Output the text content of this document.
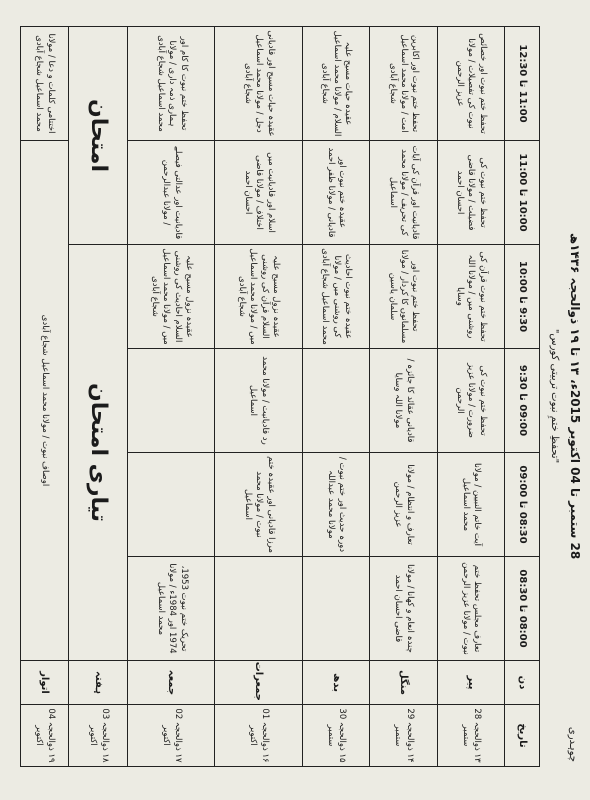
28 ستمبر تا 04 اکتوبر 2015ء، ۱۳ تا ۱۹ ذوالحجہ ۱۴۳۶ھ
"تحفظِ ختمِ نبوت تربیتی کورس"
چوہدری
تاریخ	دن	08:00 تا 08:30	08:30 تا 09:00	09:00 تا 9:30	9:30 تا 10:00	10:00 تا 11:00	11:00 تا 12:30
۱۳ ذوالحجہ 28 ستمبر	پیر	تعارف مجلس تحفظ ختم نبوت / مولانا عزیز الرحمن	آیت خاتم النبیین / مولانا محمد اسماعیل	تحفظ ختم نبوت کی ضرورت / مولانا عزیز الرحمن	تحفظ ختم نبوت قرآن کی روشنی میں / مولانا اللہ وسایا	تحفظ ختم نبوت کی فضیلت / مولانا قاضی احسان احمد	تحفظ ختم نبوت اور خصائص نبوت کی تفصیلات / مولانا عزیز الرحمن
۱۴ ذوالحجہ 29 ستمبر	منگل	چندہ انعام و کھانا / مولانا قاضی احسان احمد	تعارف و انتظام / مولانا عزیز الرحمن	قادیانی عقائد کا جائزہ / مولانا اللہ وسایا	تحفظ ختم نبوت اور مسلمانوں کا کردار / مولانا سلمان یاسین	قادیانیت اور قرآن کی آیات کی تحریف / مولانا محمد اسماعیل	تحفظ ختم نبوت اور اکابرین امت / مولانا محمد اسماعیل شجاع آبادی
۱۵ ذوالحجہ 30 ستمبر	بدھ		دورہ حدیث اور ختم نبوت / مولانا محمد عبداللہ		عقیدہ ختم نبوت احادیث کی روشنی میں / مولانا محمد اسماعیل شجاع آبادی	عقیدہ ختم نبوت اور قادیانی / مولانا ظفر احمد	عقیدہ حیات مسیح علیہ السلام / مولانا محمد اسماعیل شجاع آبادی
۱۶ ذوالحجہ 01 اکتوبر	جمعرات		مرزا قادیانی اور عقیدہ ختم نبوت / مولانا محمد اسماعیل	رد قادیانیت / مولانا محمد اسماعیل	عقیدہ نزول مسیح علیہ السلام قرآن کی روشنی میں / مولانا محمد اسماعیل شجاع آبادی	اسلام اور قادیانیت میں اختلاف / مولانا قاضی احسان احمد	عقیدہ حیات مسیح اور قادیانی دجل / مولانا محمد اسماعیل شجاع آبادی
۱۷ ذوالحجہ 02 اکتوبر	جمعہ	تحریک ختم نبوت 1953، 1974 اور 1984ء / مولانا محمد اسماعیل			عقیدہ نزول مسیح علیہ السلام احادیث کی روشنی میں / مولانا محمد اسماعیل شجاع آبادی	قادیانیت اور عدالتی فیصلے / مولانا عبدالرحمن	تحفظ ختم نبوت کا کام اور ہماری ذمہ داری / مولانا محمد اسماعیل شجاع آبادی
۱۸ ذوالحجہ 03 اکتوبر	ہفتہ	تیاری امتحان				امتحان	
۱۹ ذوالحجہ 04 اکتوبر	اتوار	اوصاف نبوت / مولانا محمد اسماعیل شجاع آبادی					اختتامی کلمات و دعا / مولانا محمد اسماعیل شجاع آبادی
